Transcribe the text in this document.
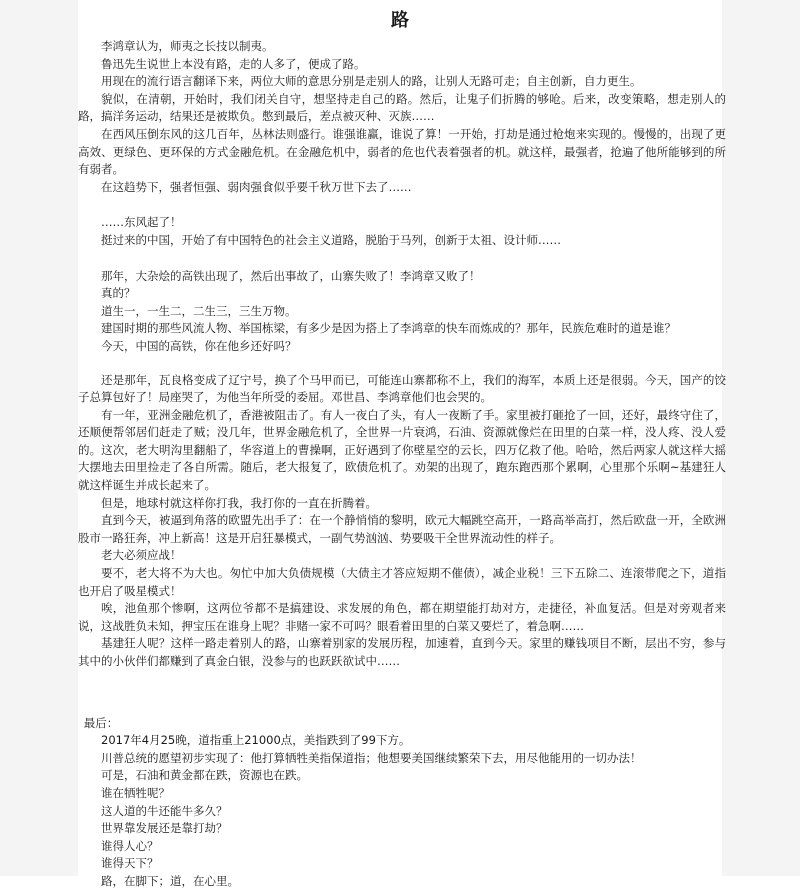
路

李鸿章认为，师夷之长技以制夷。

鲁迅先生说世上本没有路，走的人多了，便成了路。

用现在的流行语言翻译下来，两位大师的意思分别是走别人的路，让别人无路可走；自主创新，自力更生。

貌似，在清朝，开始时，我们闭关自守，想坚持走自己的路。然后，让鬼子们折腾的够呛。后来，改变策略，想走别人的路，搞洋务运动，结果还是被欺负。憋到最后，差点被灭种、灭族……

在西风压倒东风的这几百年，丛林法则盛行。谁强谁赢，谁说了算！一开始，打劫是通过枪炮来实现的。慢慢的，出现了更高效、更绿色、更环保的方式金融危机。在金融危机中，弱者的危也代表着强者的机。就这样，最强者，抢遍了他所能够到的所有弱者。

在这趋势下，强者恒强、弱肉强食似乎要千秋万世下去了……

……东风起了！

挺过来的中国，开始了有中国特色的社会主义道路，脱胎于马列，创新于太祖、设计师……

那年，大杂烩的高铁出现了，然后出事故了，山寨失败了！李鸿章又败了！

真的？

道生一，一生二，二生三，三生万物。

建国时期的那些风流人物、举国栋梁，有多少是因为搭上了李鸿章的快车而炼成的？那年，民族危难时的道是谁？

今天，中国的高铁，你在他乡还好吗？

还是那年，瓦良格变成了辽宁号，换了个马甲而已，可能连山寨都称不上，我们的海军，本质上还是很弱。今天，国产的饺子总算包好了！局座哭了，为他当年所受的委屈。邓世昌、李鸿章他们也会哭的。

有一年，亚洲金融危机了，香港被阻击了。有人一夜白了头，有人一夜断了手。家里被打砸抢了一回，还好，最终守住了，还顺便帮邻居们赶走了贼；没几年，世界金融危机了，全世界一片衰鸿，石油、资源就像烂在田里的白菜一样，没人疼、没人爱的。这次，老大明沟里翻船了，华容道上的曹操啊，正好遇到了你壁星空的云长，四万亿救了他。哈哈，然后两家人就这样大摇大摆地去田里捡走了各自所需。随后，老大报复了，欧债危机了。劝架的出现了，跑东跑西那个累啊，心里那个乐啊~基建狂人就这样诞生并成长起来了。

但是，地球村就这样你打我，我打你的一直在折腾着。

直到今天，被逼到角落的欧盟先出手了：在一个静悄悄的黎明，欧元大幅跳空高开，一路高举高打，然后欧盘一开，全欧洲股市一路狂奔，冲上新高！这是开启狂暴模式，一副气势汹汹、势要吸干全世界流动性的样子。

老大必须应战！

要不，老大将不为大也。匆忙中加大负债规模（大债主才答应短期不催债），减企业税！三下五除二、连滚带爬之下，道指也开启了吸星模式！

唉，池鱼那个惨啊，这两位爷都不是搞建设、求发展的角色，都在期望能打劫对方，走捷径，补血复活。但是对旁观者来说，这战胜负未知，押宝压在谁身上呢？非赌一家不可吗？眼看着田里的白菜又要烂了，着急啊……

基建狂人呢？这样一路走着别人的路，山寨着别家的发展历程，加速着，直到今天。家里的赚钱项目不断，层出不穷，参与其中的小伙伴们都赚到了真金白银，没参与的也跃跃欲试中……

最后：

2017年4月25晚，道指重上21000点，美指跌到了99下方。

川普总统的愿望初步实现了：他打算牺牲美指保道指；他想要美国继续繁荣下去，用尽他能用的一切办法！

可是，石油和黄金都在跌，资源也在跌。

谁在牺牲呢？

这人道的牛还能牛多久？

世界靠发展还是靠打劫？

谁得人心？

谁得天下？

路，在脚下；道，在心里。
